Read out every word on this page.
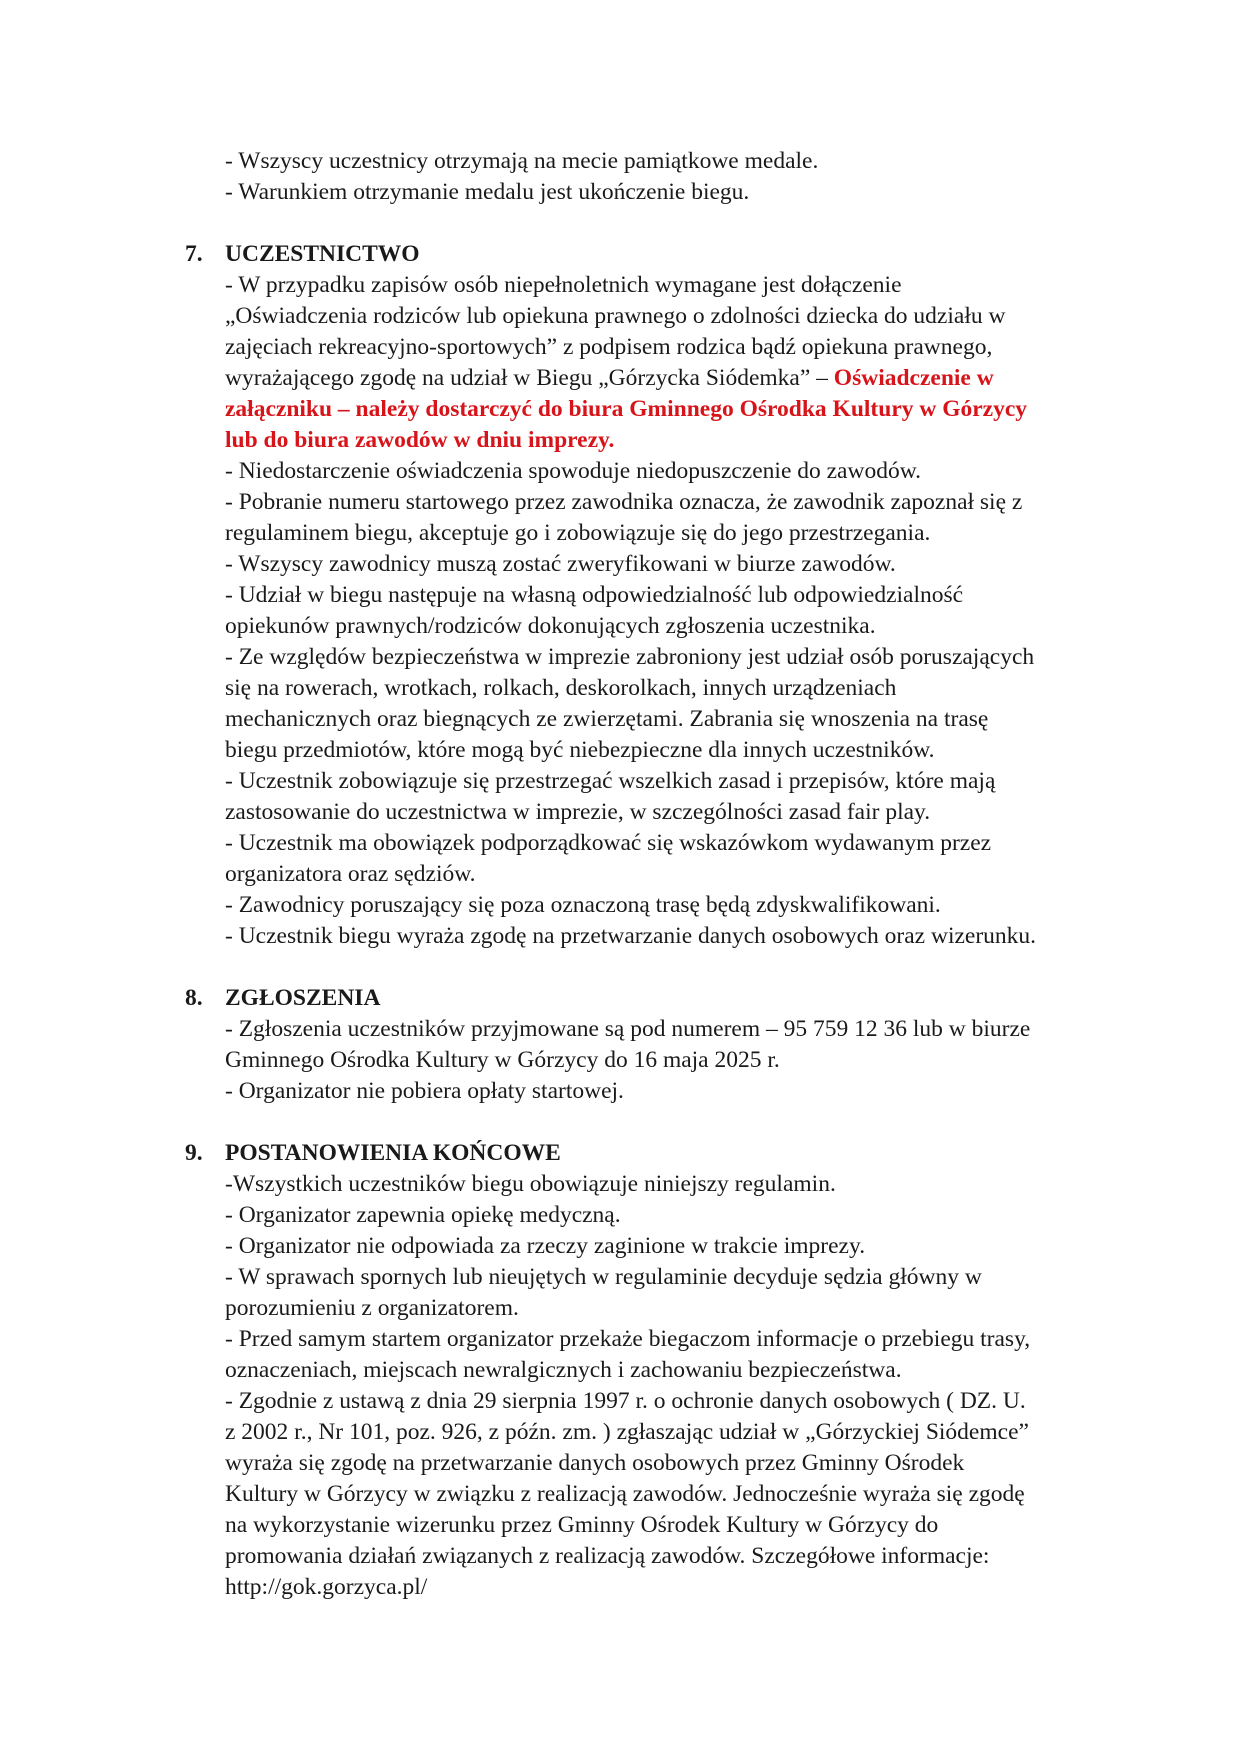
- Wszyscy uczestnicy otrzymają na mecie pamiątkowe medale.
- Warunkiem otrzymanie medalu jest ukończenie biegu.
7. UCZESTNICTWO
- W przypadku zapisów osób niepełnoletnich wymagane jest dołączenie
„Oświadczenia rodziców lub opiekuna prawnego o zdolności dziecka do udziału w
zajęciach rekreacyjno-sportowych” z podpisem rodzica bądź opiekuna prawnego,
wyrażającego zgodę na udział w Biegu „Górzycka Siódemka” – Oświadczenie w
załączniku – należy dostarczyć do biura Gminnego Ośrodka Kultury w Górzycy
lub do biura zawodów w dniu imprezy.
- Niedostarczenie oświadczenia spowoduje niedopuszczenie do zawodów.
- Pobranie numeru startowego przez zawodnika oznacza, że zawodnik zapoznał się z
regulaminem biegu, akceptuje go i zobowiązuje się do jego przestrzegania.
- Wszyscy zawodnicy muszą zostać zweryfikowani w biurze zawodów.
- Udział w biegu następuje na własną odpowiedzialność lub odpowiedzialność
opiekunów prawnych/rodziców dokonujących zgłoszenia uczestnika.
- Ze względów bezpieczeństwa w imprezie zabroniony jest udział osób poruszających
się na rowerach, wrotkach, rolkach, deskorolkach, innych urządzeniach
mechanicznych oraz biegnących ze zwierzętami. Zabrania się wnoszenia na trasę
biegu przedmiotów, które mogą być niebezpieczne dla innych uczestników.
- Uczestnik zobowiązuje się przestrzegać wszelkich zasad i przepisów, które mają
zastosowanie do uczestnictwa w imprezie, w szczególności zasad fair play.
- Uczestnik ma obowiązek podporządkować się wskazówkom wydawanym przez
organizatora oraz sędziów.
- Zawodnicy poruszający się poza oznaczoną trasę będą zdyskwalifikowani.
- Uczestnik biegu wyraża zgodę na przetwarzanie danych osobowych oraz wizerunku.
8. ZGŁOSZENIA
- Zgłoszenia uczestników przyjmowane są pod numerem – 95 759 12 36 lub w biurze
Gminnego Ośrodka Kultury w Górzycy do 16 maja 2025 r.
- Organizator nie pobiera opłaty startowej.
9. POSTANOWIENIA KOŃCOWE
-Wszystkich uczestników biegu obowiązuje niniejszy regulamin.
- Organizator zapewnia opiekę medyczną.
- Organizator nie odpowiada za rzeczy zaginione w trakcie imprezy.
- W sprawach spornych lub nieujętych w regulaminie decyduje sędzia główny w
porozumieniu z organizatorem.
- Przed samym startem organizator przekaże biegaczom informacje o przebiegu trasy,
oznaczeniach, miejscach newralgicznych i zachowaniu bezpieczeństwa.
- Zgodnie z ustawą z dnia 29 sierpnia 1997 r. o ochronie danych osobowych ( DZ. U.
z 2002 r., Nr 101, poz. 926, z późn. zm. ) zgłaszając udział w „Górzyckiej Siódemce”
wyraża się zgodę na przetwarzanie danych osobowych przez Gminny Ośrodek
Kultury w Górzycy w związku z realizacją zawodów. Jednocześnie wyraża się zgodę
na wykorzystanie wizerunku przez Gminny Ośrodek Kultury w Górzycy do
promowania działań związanych z realizacją zawodów. Szczegółowe informacje:
http://gok.gorzyca.pl/
